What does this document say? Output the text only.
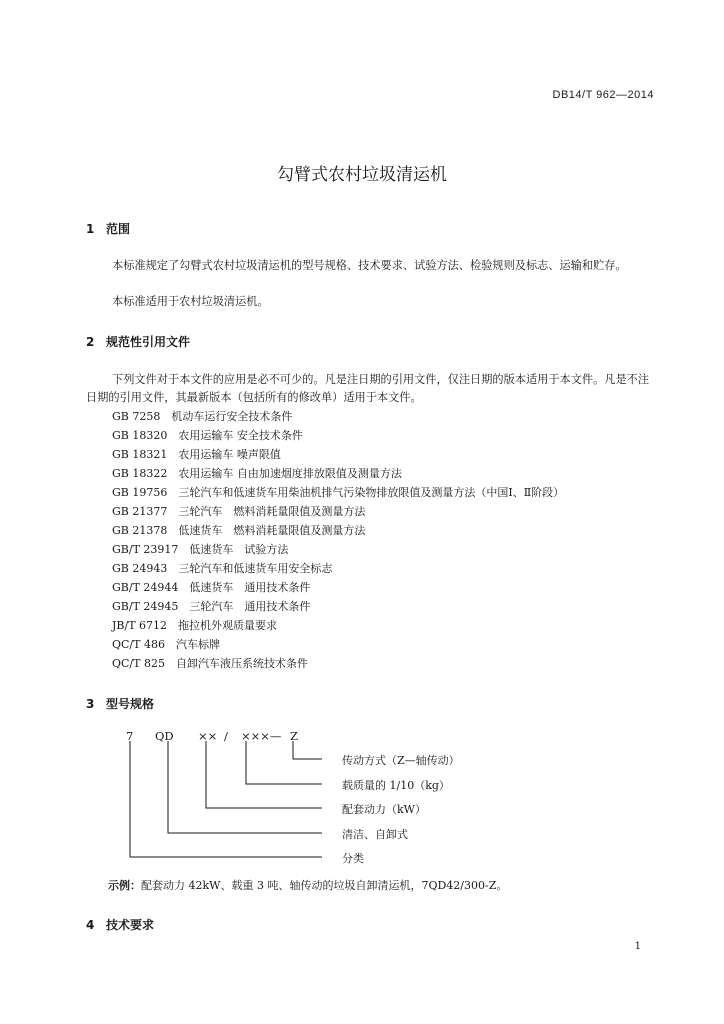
DB14/T 962—2014
勾臂式农村垃圾清运机
1 范围
本标准规定了勾臂式农村垃圾清运机的型号规格、技术要求、试验方法、检验规则及标志、运输和贮存。
本标准适用于农村垃圾清运机。
2 规范性引用文件
下列文件对于本文件的应用是必不可少的。凡是注日期的引用文件，仅注日期的版本适用于本文件。凡是不注日期的引用文件，其最新版本（包括所有的修改单）适用于本文件。
GB 7258　机动车运行安全技术条件
GB 18320　农用运输车 安全技术条件
GB 18321　农用运输车 噪声限值
GB 18322　农用运输车 自由加速烟度排放限值及测量方法
GB 19756　三轮汽车和低速货车用柴油机排气污染物排放限值及测量方法（中国Ⅰ、Ⅱ阶段）
GB 21377　三轮汽车　燃料消耗量限值及测量方法
GB 21378　低速货车　燃料消耗量限值及测量方法
GB/T 23917　低速货车　试验方法
GB 24943　三轮汽车和低速货车用安全标志
GB/T 24944　低速货车　通用技术条件
GB/T 24945　三轮汽车　通用技术条件
JB/T 6712　拖拉机外观质量要求
QC/T 486　汽车标牌
QC/T 825　自卸汽车液压系统技术条件
3 型号规格
7 QD ×× / ×××— Z
传动方式（Z—轴传动）
载质量的 1/10（kg）
配套动力（kW）
清洁、自卸式
分类
示例：配套动力 42kW、载重 3 吨、轴传动的垃圾自卸清运机，7QD42/300-Z。
4 技术要求
1
